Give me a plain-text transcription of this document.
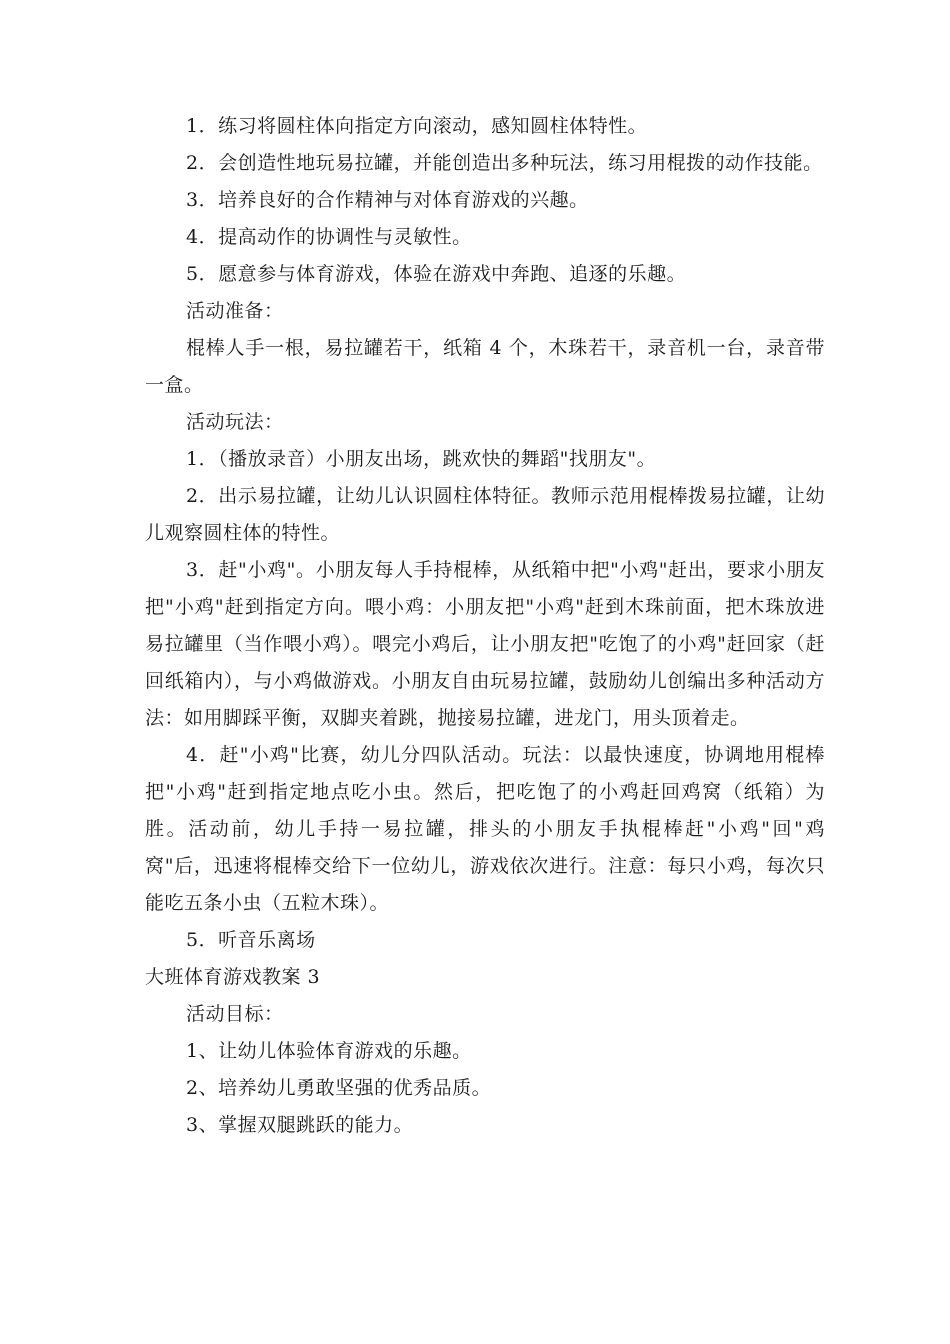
1．练习将圆柱体向指定方向滚动，感知圆柱体特性。

2．会创造性地玩易拉罐，并能创造出多种玩法，练习用棍拨的动作技能。

3．培养良好的合作精神与对体育游戏的兴趣。

4．提高动作的协调性与灵敏性。

5．愿意参与体育游戏，体验在游戏中奔跑、追逐的乐趣。

活动准备：

棍棒人手一根，易拉罐若干，纸箱 4 个，木珠若干，录音机一台，录音带一盒。

活动玩法：

1．（播放录音）小朋友出场，跳欢快的舞蹈"找朋友"。

2．出示易拉罐，让幼儿认识圆柱体特征。教师示范用棍棒拨易拉罐，让幼儿观察圆柱体的特性。

3．赶"小鸡"。小朋友每人手持棍棒，从纸箱中把"小鸡"赶出，要求小朋友把"小鸡"赶到指定方向。喂小鸡：小朋友把"小鸡"赶到木珠前面，把木珠放进易拉罐里（当作喂小鸡）。喂完小鸡后，让小朋友把"吃饱了的小鸡"赶回家（赶回纸箱内），与小鸡做游戏。小朋友自由玩易拉罐，鼓励幼儿创编出多种活动方法：如用脚踩平衡，双脚夹着跳，抛接易拉罐，进龙门，用头顶着走。

4．赶"小鸡"比赛，幼儿分四队活动。玩法：以最快速度，协调地用棍棒把"小鸡"赶到指定地点吃小虫。然后，把吃饱了的小鸡赶回鸡窝（纸箱）为胜。活动前，幼儿手持一易拉罐，排头的小朋友手执棍棒赶"小鸡"回"鸡窝"后，迅速将棍棒交给下一位幼儿，游戏依次进行。注意：每只小鸡，每次只能吃五条小虫（五粒木珠）。

5．听音乐离场

大班体育游戏教案 3

活动目标：

1、让幼儿体验体育游戏的乐趣。

2、培养幼儿勇敢坚强的优秀品质。

3、掌握双腿跳跃的能力。
